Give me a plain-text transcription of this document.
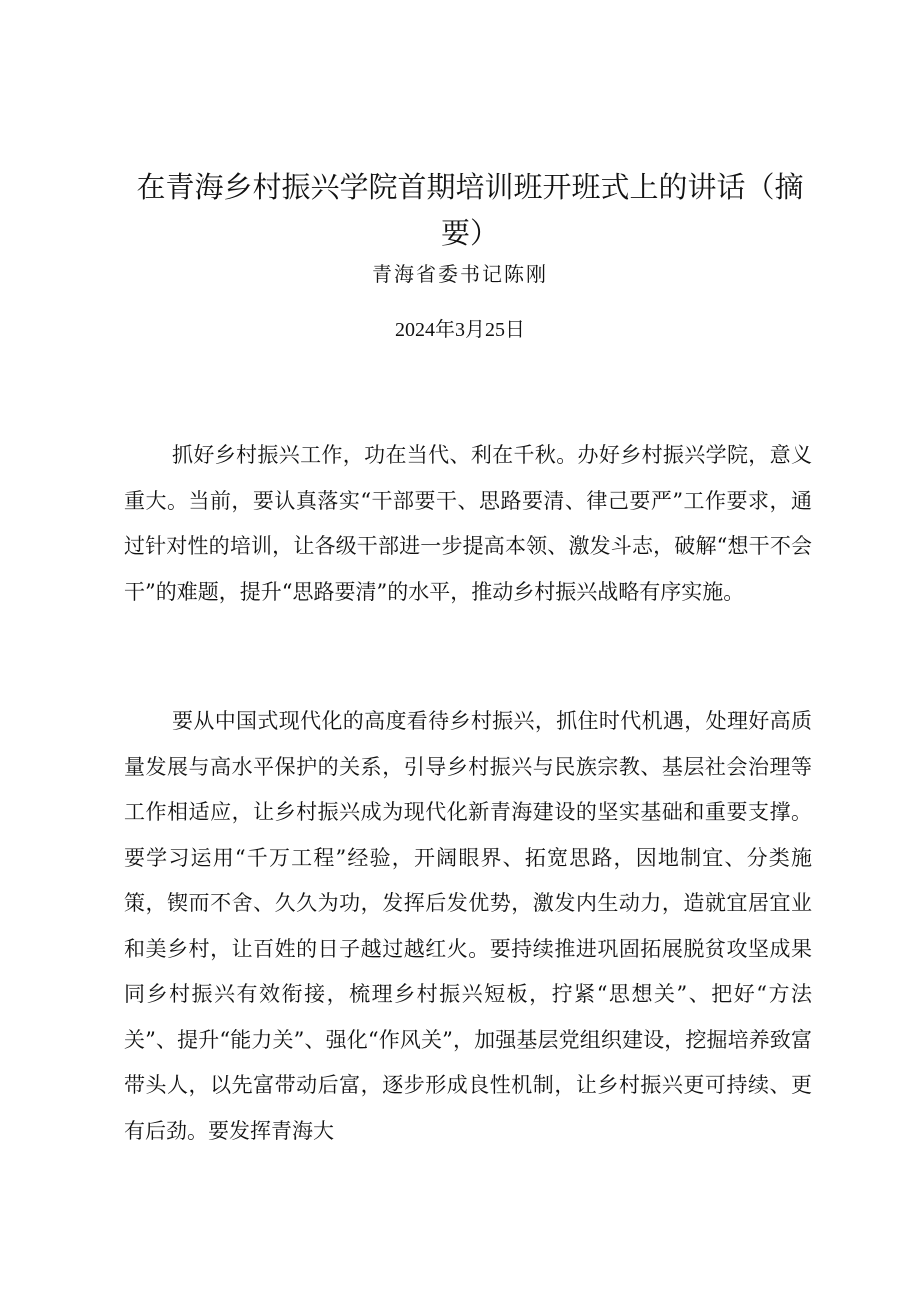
在青海乡村振兴学院首期培训班开班式上的讲话（摘要）
青海省委书记陈刚
2024年3月25日

抓好乡村振兴工作，功在当代、利在千秋。办好乡村振兴学院，意义重大。当前，要认真落实“干部要干、思路要清、律己要严”工作要求，通过针对性的培训，让各级干部进一步提高本领、激发斗志，破解“想干不会干”的难题，提升“思路要清”的水平，推动乡村振兴战略有序实施。

要从中国式现代化的高度看待乡村振兴，抓住时代机遇，处理好高质量发展与高水平保护的关系，引导乡村振兴与民族宗教、基层社会治理等工作相适应，让乡村振兴成为现代化新青海建设的坚实基础和重要支撑。要学习运用“千万工程”经验，开阔眼界、拓宽思路，因地制宜、分类施策，锲而不舍、久久为功，发挥后发优势，激发内生动力，造就宜居宜业和美乡村，让百姓的日子越过越红火。要持续推进巩固拓展脱贫攻坚成果同乡村振兴有效衔接，梳理乡村振兴短板，拧紧“思想关”、把好“方法关”、提升“能力关”、强化“作风关”，加强基层党组织建设，挖掘培养致富带头人，以先富带动后富，逐步形成良性机制，让乡村振兴更可持续、更有后劲。要发挥青海大
